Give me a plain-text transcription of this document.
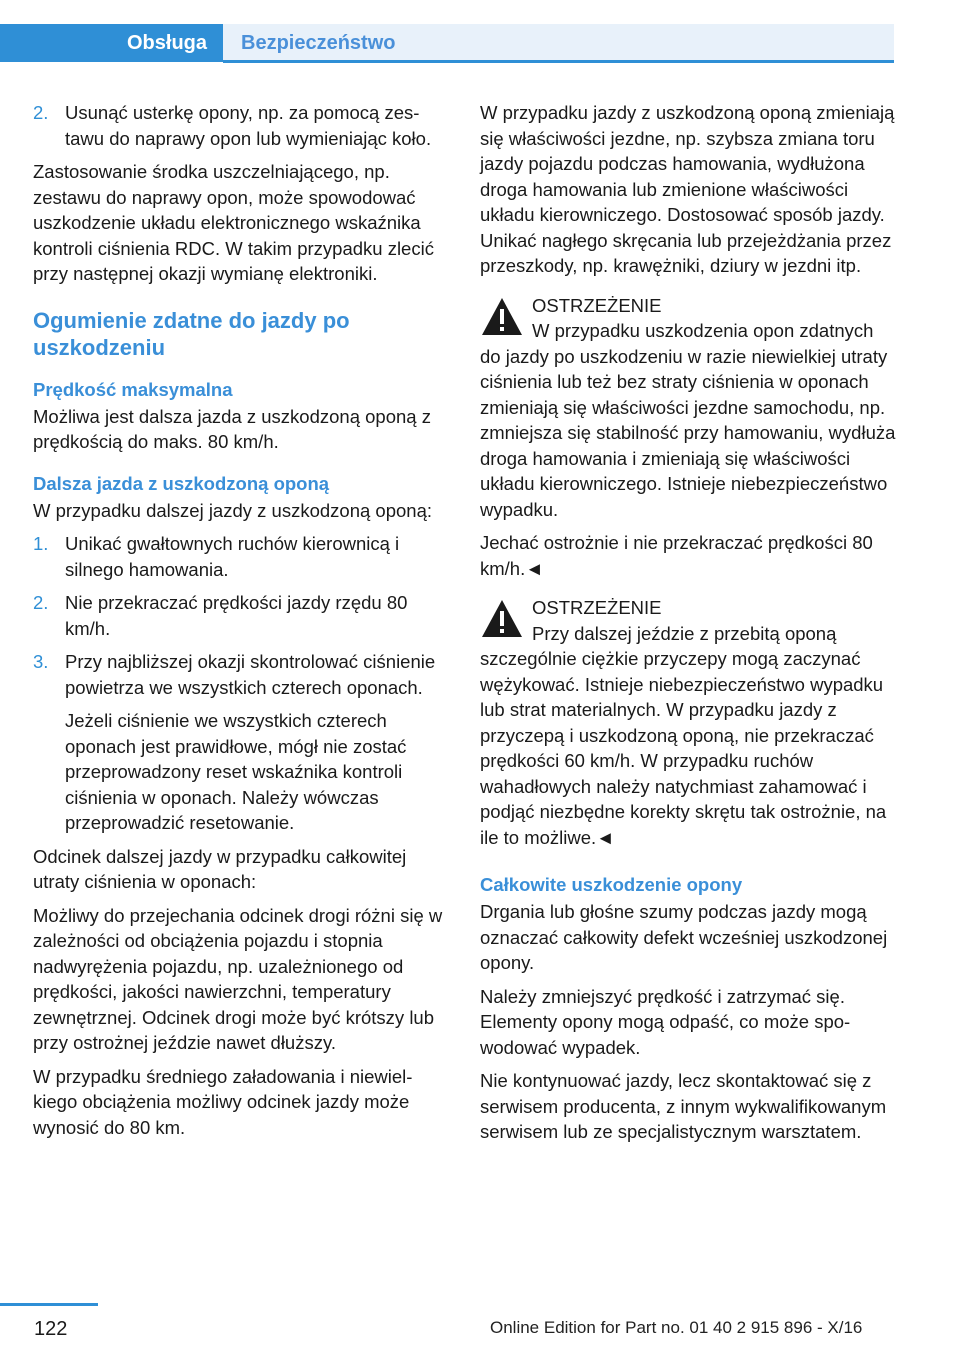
Obsługa	Bezpieczeństwo
2. Usunąć usterkę opony, np. za pomocą zestawu do naprawy opon lub wymieniając koło.

Zastosowanie środka uszczelniającego, np. zestawu do naprawy opon, może spowodować uszkodzenie układu elektronicznego wskaźnika kontroli ciśnienia RDC. W takim przypadku zlecić przy następnej okazji wymianę elektroniki.

Ogumienie zdatne do jazdy po uszkodzeniu
Prędkość maksymalna

Możliwa jest dalsza jazda z uszkodzoną oponą z prędkością do maks. 80 km/h.

Dalsza jazda z uszkodzoną oponą

W przypadku dalszej jazdy z uszkodzoną oponą:

1. Unikać gwałtownych ruchów kierownicą i silnego hamowania.
2. Nie przekraczać prędkości jazdy rzędu 80 km/h.
3. Przy najbliższej okazji skontrolować ciśnienie powietrza we wszystkich czterech oponach.

Jeżeli ciśnienie we wszystkich czterech oponach jest prawidłowe, mógł nie zostać przeprowadzony reset wskaźnika kontroli ciśnienia w oponach. Należy wówczas przeprowadzić resetowanie.

Odcinek dalszej jazdy w przypadku całkowitej utraty ciśnienia w oponach:

Możliwy do przejechania odcinek drogi różni się w zależności od obciążenia pojazdu i stopnia nadwyrężenia pojazdu, np. uzależnionego od prędkości, jakości nawierzchni, temperatury zewnętrznej. Odcinek drogi może być krótszy lub przy ostrożnej jeździe nawet dłuższy.

W przypadku średniego załadowania i niewielkiego obciążenia możliwy odcinek jazdy może wynosić do 80 km.

W przypadku jazdy z uszkodzoną oponą zmieniają się właściwości jezdne, np. szybsza zmiana toru jazdy pojazdu podczas hamowania, wydłużona droga hamowania lub zmienione właściwości układu kierowniczego. Dostosować sposób jazdy. Unikać nagłego skręcania lub przejeżdżania przez przeszkody, np. krawężniki, dziury w jezdni itp.

OSTRZEŻENIE
W przypadku uszkodzenia opon zdatnych do jazdy po uszkodzeniu w razie niewielkiej utraty ciśnienia lub też bez straty ciśnienia w oponach zmieniają się właściwości jezdne samochodu, np. zmniejsza się stabilność przy hamowaniu, wydłuża droga hamowania i zmieniają się właściwości układu kierowniczego. Istnieje niebezpieczeństwo wypadku.

Jechać ostrożnie i nie przekraczać prędkości 80 km/h.◄

OSTRZEŻENIE
Przy dalszej jeździe z przebitą oponą szczególnie ciężkie przyczepy mogą zaczynać wężykować. Istnieje niebezpieczeństwo wypadku lub strat materialnych. W przypadku jazdy z przyczepą i uszkodzoną oponą, nie przekraczać prędkości 60 km/h. W przypadku ruchów wahadłowych należy natychmiast zahamować i podjąć niezbędne korekty skrętu tak ostrożnie, na ile to możliwe.◄
Całkowite uszkodzenie opony

Drgania lub głośne szumy podczas jazdy mogą oznaczać całkowity defekt wcześniej uszkodzonej opony.

Należy zmniejszyć prędkość i zatrzymać się. Elementy opony mogą odpaść, co może spowodować wypadek.

Nie kontynuować jazdy, lecz skontaktować się z serwisem producenta, z innym wykwalifikowanym serwisem lub ze specjalistycznym warsztatem.

122	Online Edition for Part no. 01 40 2 915 896 - X/16
